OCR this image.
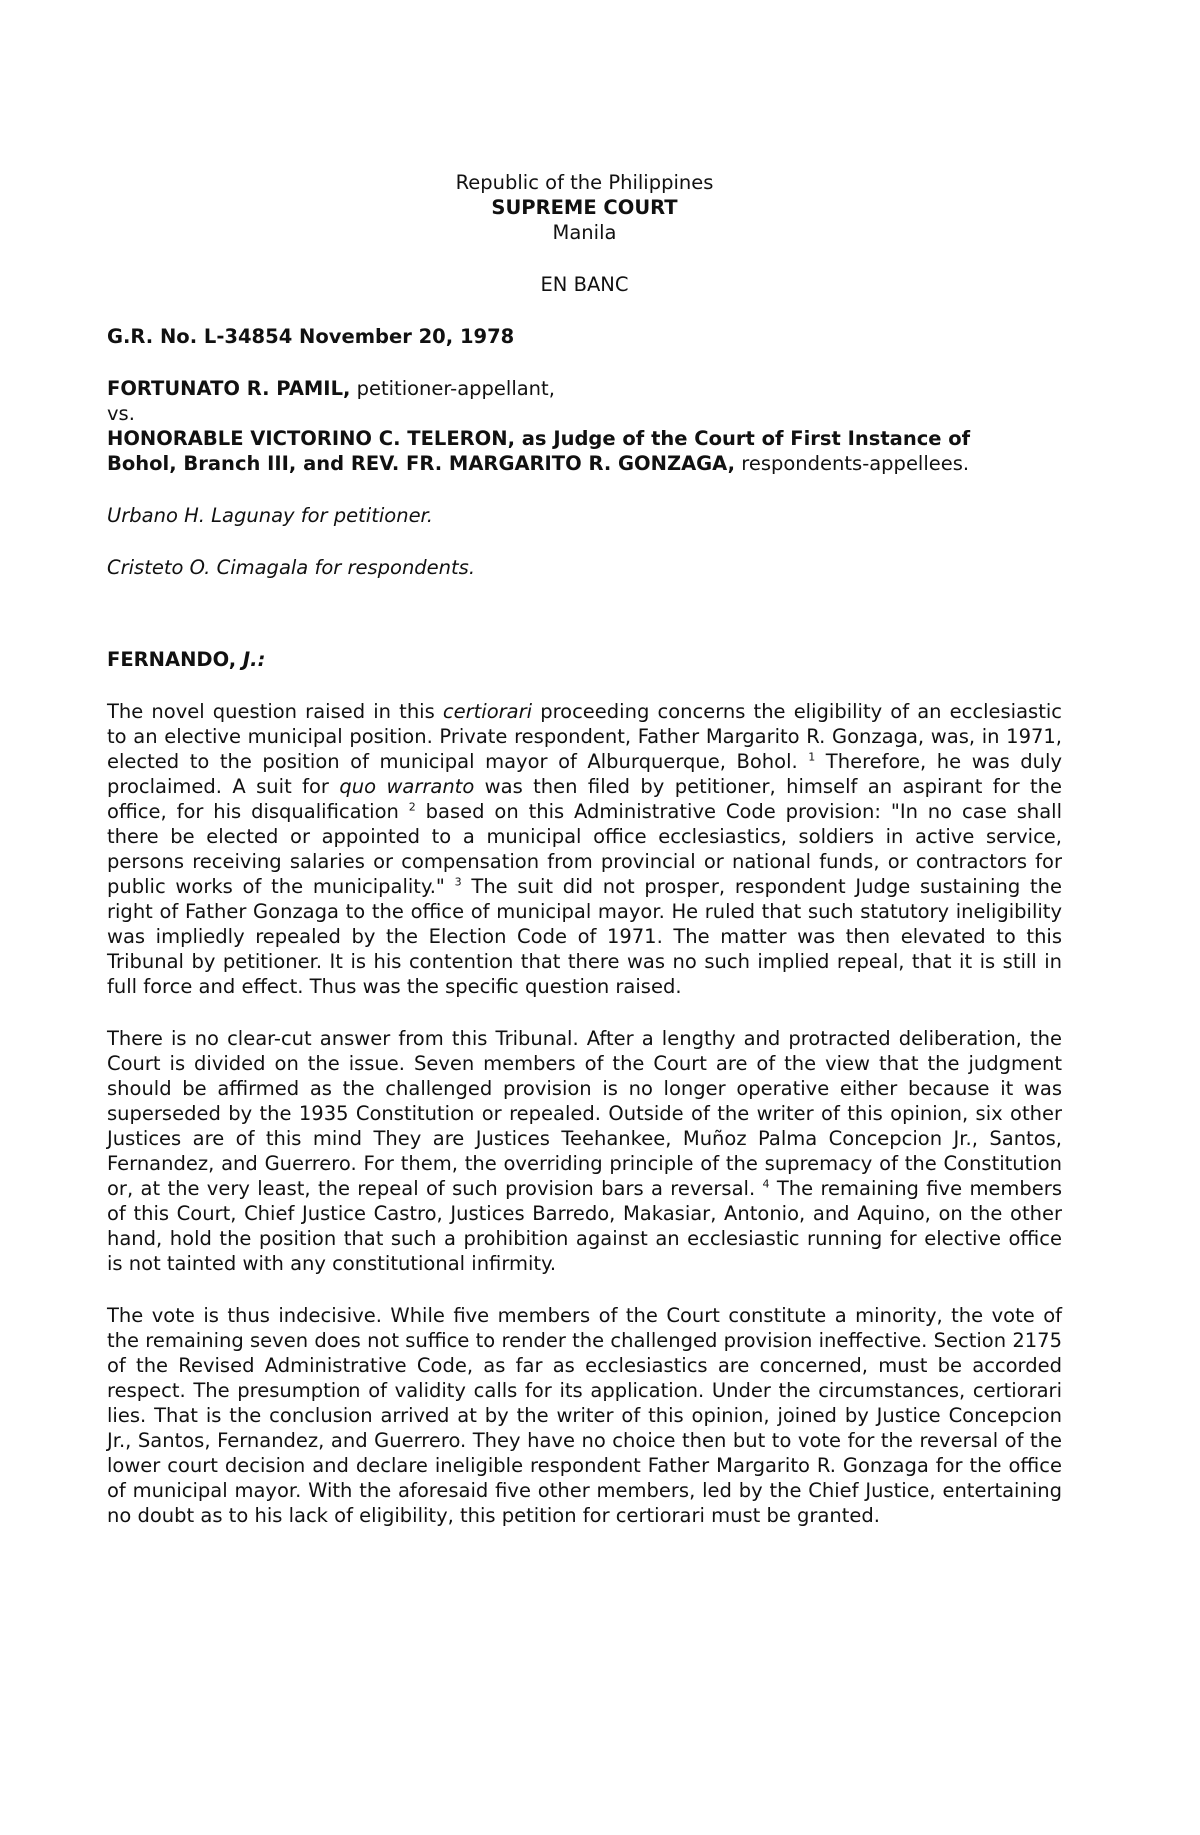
Republic of the Philippines
SUPREME COURT
Manila
EN BANC
G.R. No. L-34854 November 20, 1978
FORTUNATO R. PAMIL, petitioner-appellant,
vs.
HONORABLE VICTORINO C. TELERON, as Judge of the Court of First Instance of
Bohol, Branch III, and REV. FR. MARGARITO R. GONZAGA, respondents-appellees.
Urbano H. Lagunay for petitioner.
Cristeto O. Cimagala for respondents.
FERNANDO, J.:

The novel question raised in this certiorari proceeding concerns the eligibility of an ecclesiastic to an elective municipal position. Private respondent, Father Margarito R. Gonzaga, was, in 1971, elected to the position of municipal mayor of Alburquerque, Bohol. $^1$ Therefore, he was duly proclaimed. A suit for quo warranto was then filed by petitioner, himself an aspirant for the office, for his disqualification $^2$ based on this Administrative Code provision: "In no case shall there be elected or appointed to a municipal office ecclesiastics, soldiers in active service, persons receiving salaries or compensation from provincial or national funds, or contractors for public works of the municipality." $^3$ The suit did not prosper, respondent Judge sustaining the right of Father Gonzaga to the office of municipal mayor. He ruled that such statutory ineligibility was impliedly repealed by the Election Code of 1971. The matter was then elevated to this Tribunal by petitioner. It is his contention that there was no such implied repeal, that it is still in full force and effect. Thus was the specific question raised.

There is no clear-cut answer from this Tribunal. After a lengthy and protracted deliberation, the Court is divided on the issue. Seven members of the Court are of the view that the judgment should be affirmed as the challenged provision is no longer operative either because it was superseded by the 1935 Constitution or repealed. Outside of the writer of this opinion, six other Justices are of this mind They are Justices Teehankee, Muñoz Palma Concepcion Jr., Santos, Fernandez, and Guerrero. For them, the overriding principle of the supremacy of the Constitution or, at the very least, the repeal of such provision bars a reversal. $^4$ The remaining five members of this Court, Chief Justice Castro, Justices Barredo, Makasiar, Antonio, and Aquino, on the other hand, hold the position that such a prohibition against an ecclesiastic running for elective office is not tainted with any constitutional infirmity.

The vote is thus indecisive. While five members of the Court constitute a minority, the vote of the remaining seven does not suffice to render the challenged provision ineffective. Section 2175 of the Revised Administrative Code, as far as ecclesiastics are concerned, must be accorded respect. The presumption of validity calls for its application. Under the circumstances, certiorari lies. That is the conclusion arrived at by the writer of this opinion, joined by Justice Concepcion Jr., Santos, Fernandez, and Guerrero. They have no choice then but to vote for the reversal of the lower court decision and declare ineligible respondent Father Margarito R. Gonzaga for the office of municipal mayor. With the aforesaid five other members, led by the Chief Justice, entertaining no doubt as to his lack of eligibility, this petition for certiorari must be granted.
